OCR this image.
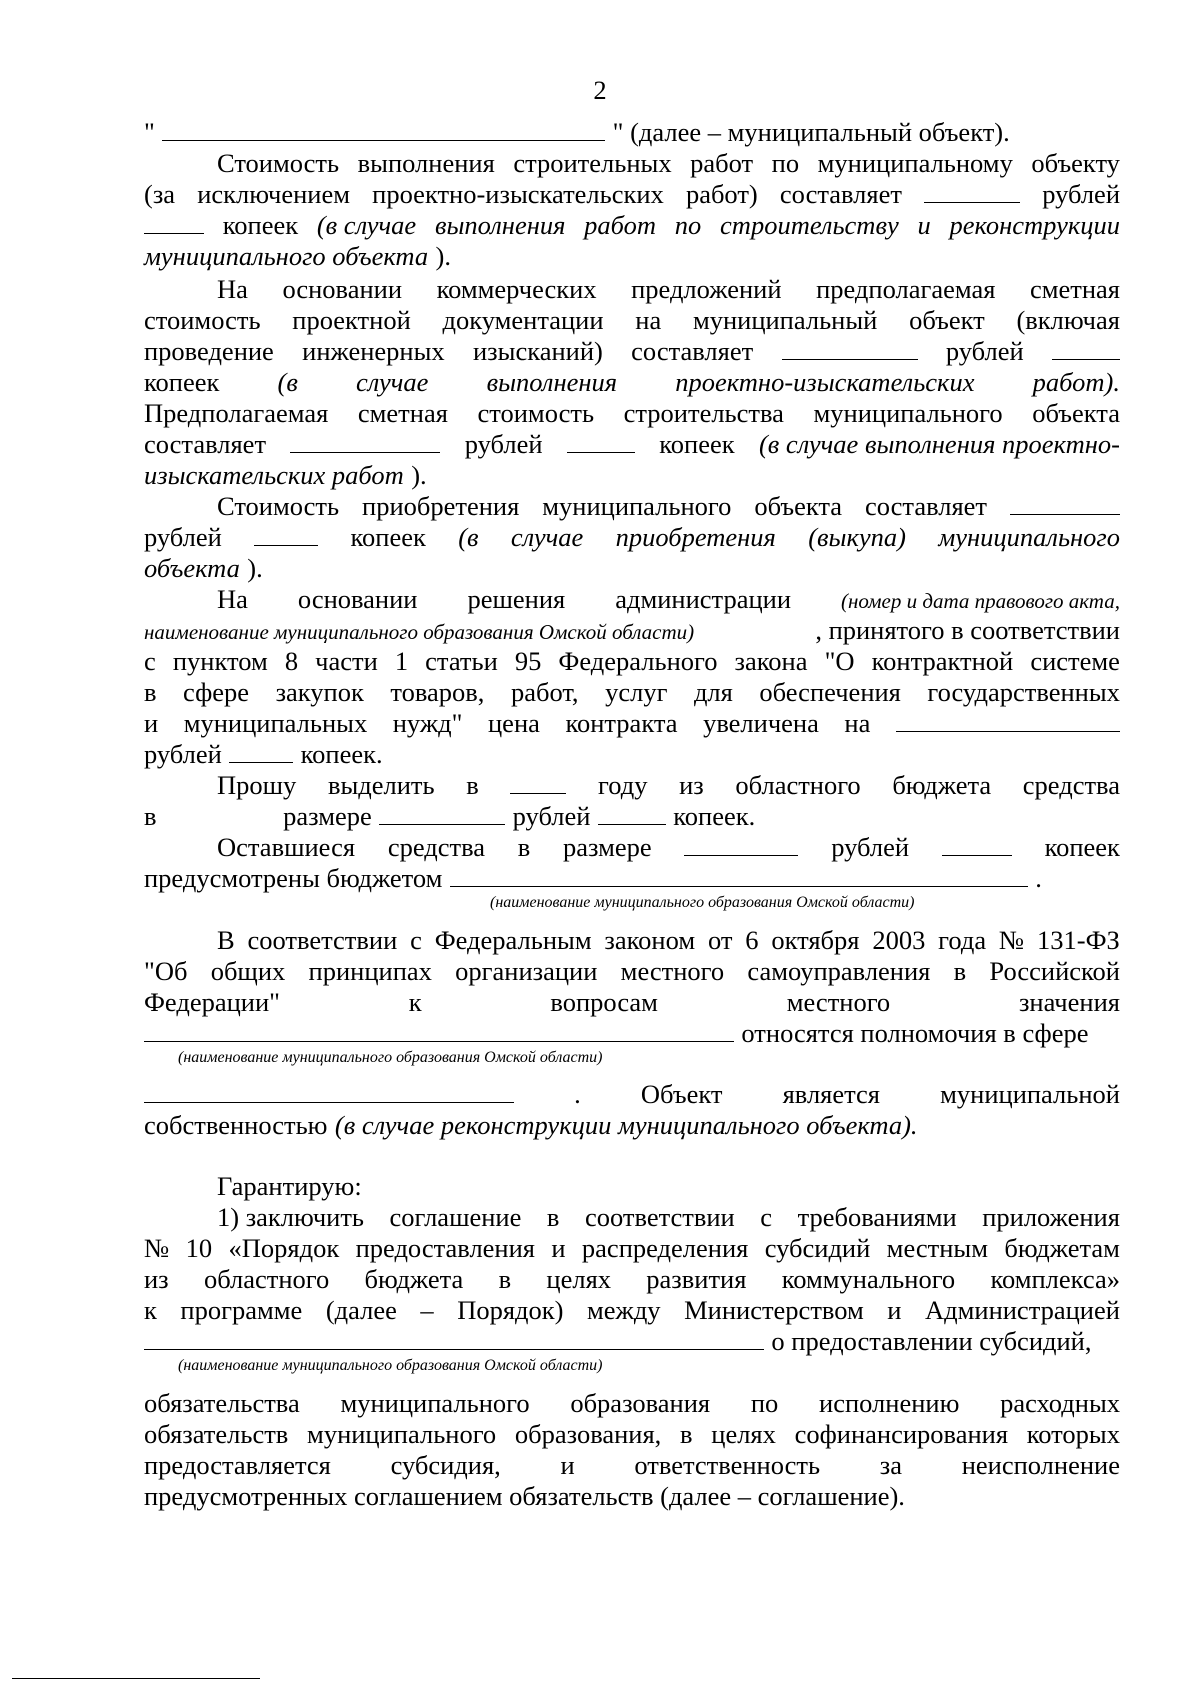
2
"	" (далее – муниципальный объект).
Стоимость выполнения строительных работ по муниципальному объекту
(за исключением проектно-изыскательских работ) составляет	рублей
копеек (в случае выполнения работ по строительству и реконструкции
муниципального объекта ).
На основании коммерческих предложений предполагаемая сметная
стоимость проектной документации на муниципальный объект (включая
проведение инженерных изысканий) составляет	рублей
копеек (в случае выполнения проектно-изыскательских работ).
Предполагаемая сметная стоимость строительства муниципального объекта
составляет	рублей	копеек (в случае выполнения проектно-
изыскательских работ ).
Стоимость приобретения муниципального объекта составляет
рублей	копеек (в случае приобретения (выкупа) муниципального
объекта ).
На основании решения администрации (номер и дата правового акта,
наименование муниципального образования Омской области)	, принятого в соответствии
с пунктом 8 части 1 статьи 95 Федерального закона "О контрактной системе
в сфере закупок товаров, работ, услуг для обеспечения государственных
и муниципальных нужд" цена контракта увеличена на
рублей	копеек.
Прошу выделить в	году из областного бюджета средства
в размере	рублей	копеек.
Оставшиеся средства в размере	рублей	копеек
предусмотрены бюджетом	.
В соответствии с Федеральным законом от 6 октября 2003 года № 131-ФЗ
"Об общих принципах организации местного самоуправления в Российской
Федерации"	к	вопросам	местного	значения
относятся полномочия в сфере
. Объект является муниципальной
собственностью (в случае реконструкции муниципального объекта).
Гарантирую:
1) заключить соглашение в соответствии с требованиями приложения
№ 10 «Порядок предоставления и распределения субсидий местным бюджетам
из областного бюджета в целях развития коммунального комплекса»
к программе (далее – Порядок) между Министерством и Администрацией
о предоставлении субсидий,
обязательства муниципального образования по исполнению расходных
обязательств муниципального образования, в целях софинансирования которых
предоставляется субсидия, и ответственность за неисполнение
предусмотренных соглашением обязательств (далее – соглашение).
(наименование муниципального образования Омской области)
(наименование муниципального образования Омской области)
(наименование муниципального образования Омской области)
